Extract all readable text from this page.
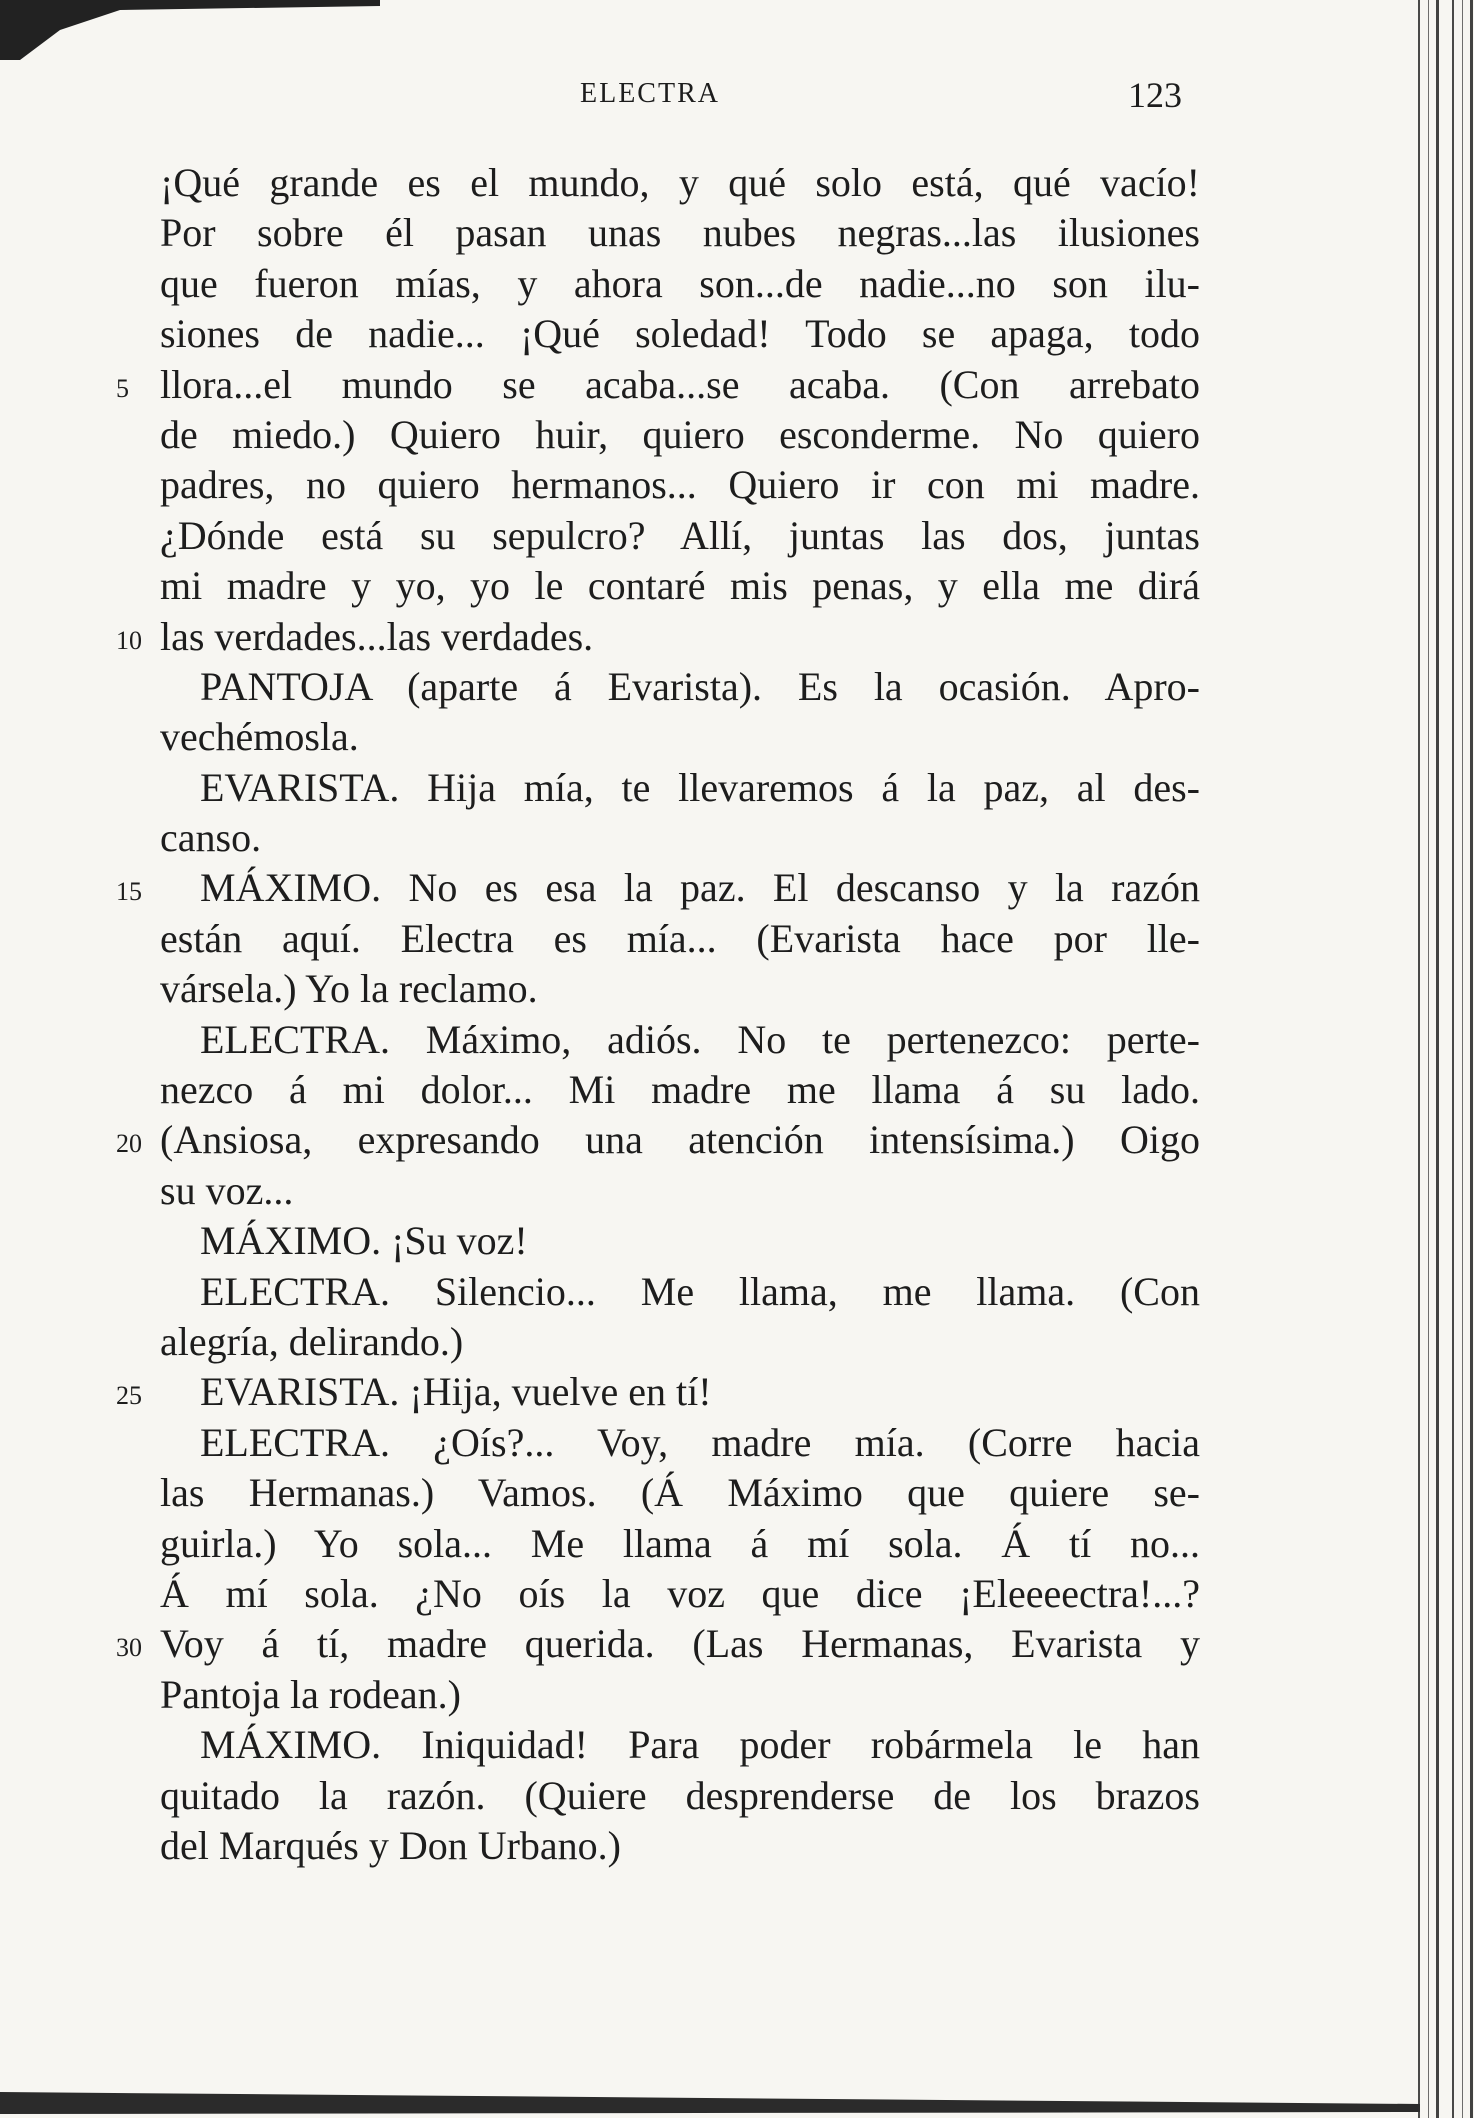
ELECTRA	123
¡Qué grande es el mundo, y qué solo está, qué vacío!
Por sobre él pasan unas nubes negras...las ilusiones
que fueron mías, y ahora son...de nadie...no son ilu-
siones de nadie... ¡Qué soledad! Todo se apaga, todo
5 llora...el mundo se acaba...se acaba. (Con arrebato
de miedo.) Quiero huir, quiero esconderme. No quiero
padres, no quiero hermanos... Quiero ir con mi madre.
¿Dónde está su sepulcro? Allí, juntas las dos, juntas
mi madre y yo, yo le contaré mis penas, y ella me dirá
10 las verdades...las verdades.
PANTOJA (aparte á Evarista). Es la ocasión. Apro-
vechémosla.
EVARISTA. Hija mía, te llevaremos á la paz, al des-
canso.
15 MÁXIMO. No es esa la paz. El descanso y la razón
están aquí. Electra es mía... (Evarista hace por lle-
vársela.) Yo la reclamo.
ELECTRA. Máximo, adiós. No te pertenezco: perte-
nezco á mi dolor... Mi madre me llama á su lado.
20 (Ansiosa, expresando una atención intensísima.) Oigo
su voz...
MÁXIMO. ¡Su voz!
ELECTRA. Silencio... Me llama, me llama. (Con
alegría, delirando.)
25 EVARISTA. ¡Hija, vuelve en tí!
ELECTRA. ¿Oís?... Voy, madre mía. (Corre hacia
las Hermanas.) Vamos. (Á Máximo que quiere se-
guirla.) Yo sola... Me llama á mí sola. Á tí no...
Á mí sola. ¿No oís la voz que dice ¡Eleeeectra!...?
30 Voy á tí, madre querida. (Las Hermanas, Evarista y
Pantoja la rodean.)
MÁXIMO. Iniquidad! Para poder robármela le han
quitado la razón. (Quiere desprenderse de los brazos
del Marqués y Don Urbano.)
